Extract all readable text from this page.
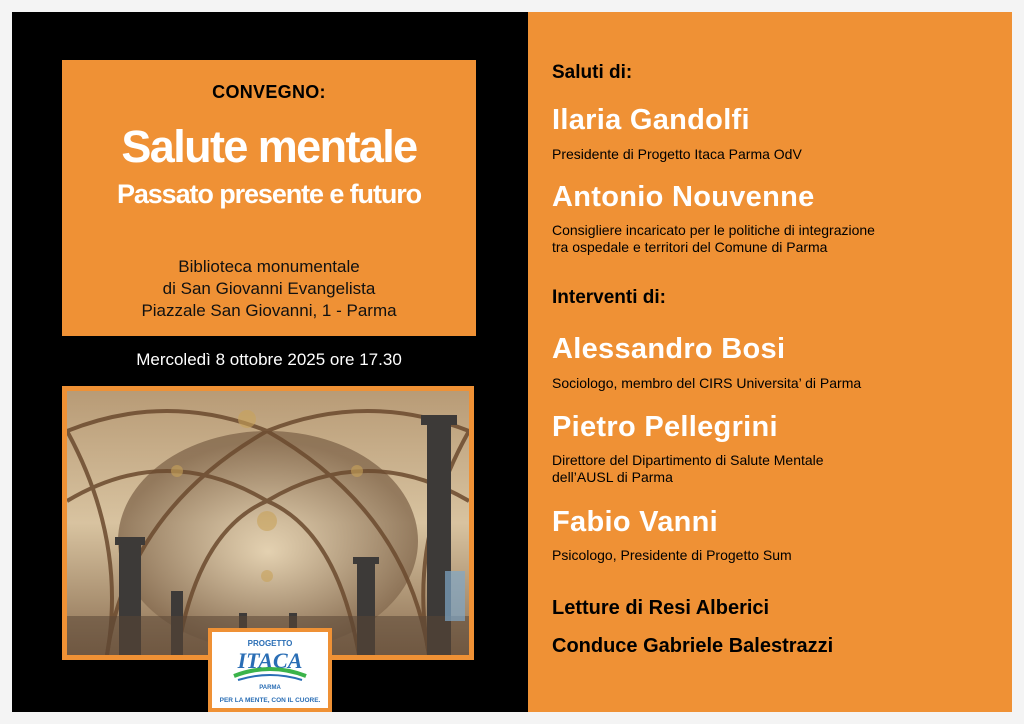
CONVEGNO:
Salute mentale
Passato presente e futuro
Biblioteca monumentale
di San Giovanni Evangelista
Piazzale San Giovanni, 1 - Parma
Mercoledì 8 ottobre 2025 ore 17.30
PROGETTO
ITACA
PARMA
PER LA MENTE, CON IL CUORE.
Saluti di:
Ilaria Gandolfi
Presidente di Progetto Itaca Parma OdV
Antonio Nouvenne
Consigliere incaricato per le politiche di integrazione
tra ospedale e territori del Comune di Parma
Interventi di:
Alessandro Bosi
Sociologo, membro del CIRS Universita’ di Parma
Pietro Pellegrini
Direttore del Dipartimento di Salute Mentale
dell’AUSL di Parma
Fabio Vanni
Psicologo, Presidente di Progetto Sum
Letture di Resi Alberici
Conduce Gabriele Balestrazzi
